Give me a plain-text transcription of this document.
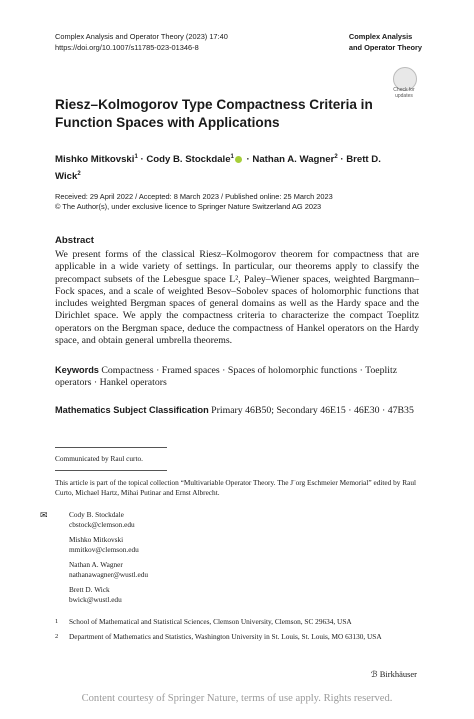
Complex Analysis and Operator Theory (2023) 17:40
https://doi.org/10.1007/s11785-023-01346-8
Complex Analysis
and Operator Theory
Check for
updates
Riesz–Kolmogorov Type Compactness Criteria in Function Spaces with Applications
Mishko Mitkovski$^1$ · Cody B. Stockdale$^1$ · Nathan A. Wagner$^2$ · Brett D. Wick$^2$
Received: 29 April 2022 / Accepted: 8 March 2023 / Published online: 25 March 2023
© The Author(s), under exclusive licence to Springer Nature Switzerland AG 2023
Abstract
We present forms of the classical Riesz–Kolmogorov theorem for compactness that are applicable in a wide variety of settings. In particular, our theorems apply to classify the precompact subsets of the Lebesgue space L², Paley–Wiener spaces, weighted Bargmann–Fock spaces, and a scale of weighted Besov–Sobolev spaces of holomorphic functions that includes weighted Bergman spaces of general domains as well as the Hardy space and the Dirichlet space. We apply the compactness criteria to characterize the compact Toeplitz operators on the Bergman space, deduce the compactness of Hankel operators on the Hardy space, and obtain general umbrella theorems.
Keywords Compactness · Framed spaces · Spaces of holomorphic functions · Toeplitz operators · Hankel operators
Mathematics Subject Classification Primary 46B50; Secondary 46E15 · 46E30 · 47B35
Communicated by Raul curto.
This article is part of the topical collection “Multivariable Operator Theory. The J¨org Eschmeier Memorial” edited by Raul Curto, Michael Hartz, Mihai Putinar and Ernst Albrecht.
✉	Cody B. Stockdale
cbstock@clemson.edu
Mishko Mitkovski
mmitkov@clemson.edu
Nathan A. Wagner
nathanawagner@wustl.edu
Brett D. Wick
bwick@wustl.edu
1	School of Mathematical and Statistical Sciences, Clemson University, Clemson, SC 29634, USA
2	Department of Mathematics and Statistics, Washington University in St. Louis, St. Louis, MO 63130, USA
ℬ Birkhäuser
Content courtesy of Springer Nature, terms of use apply. Rights reserved.
